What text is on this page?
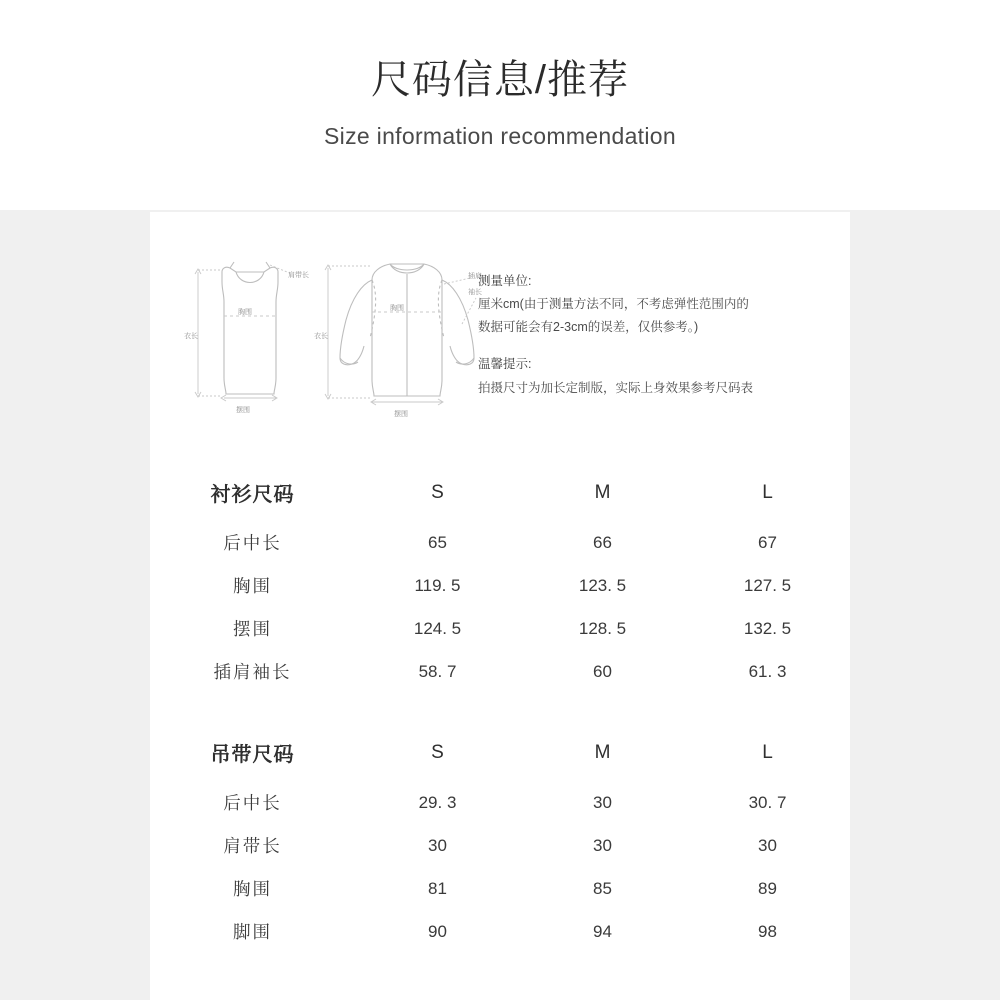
尺码信息/推荐
Size information recommendation
衣长
胸围
摆围
肩带长
衣长
胸围
摆围
插肩
袖长
测量单位:
厘米cm(由于测量方法不同，不考虑弹性范围内的
数据可能会有2-3cm的误差，仅供参考。)
温馨提示:
拍摄尺寸为加长定制版，实际上身效果参考尺码表
衬衫尺码	S	M	L
后中长	65	66	67
胸围	119. 5	123. 5	127. 5
摆围	124. 5	128. 5	132. 5
插肩袖长	58. 7	60	61. 3
吊带尺码	S	M	L
后中长	29. 3	30	30. 7
肩带长	30	30	30
胸围	81	85	89
脚围	90	94	98
